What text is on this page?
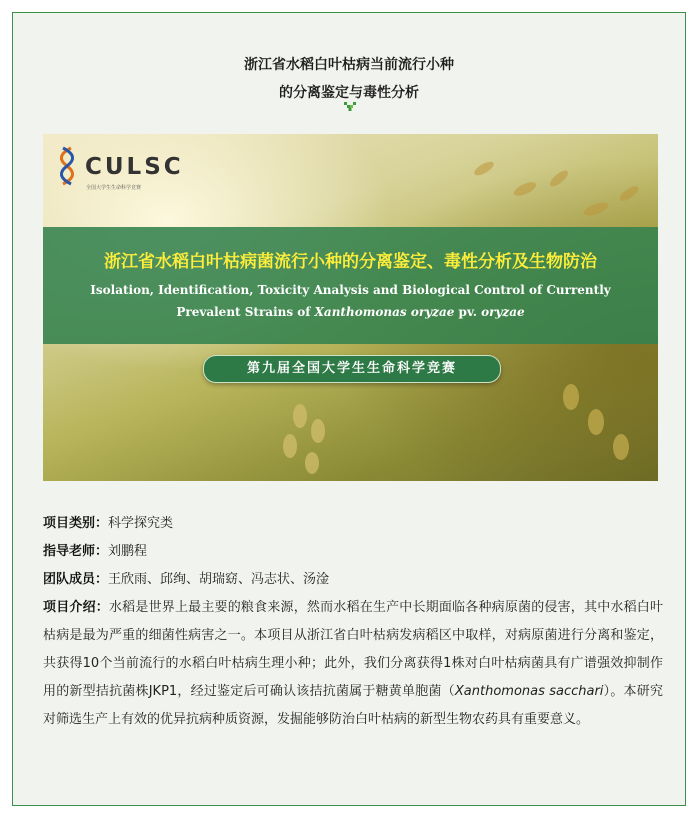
浙江省水稻白叶枯病当前流行小种
的分离鉴定与毒性分析
CULSC
全国大学生生命科学竞赛
浙江省水稻白叶枯病菌流行小种的分离鉴定、毒性分析及生物防治
Isolation, Identification, Toxicity Analysis and Biological Control of Currently
Prevalent Strains of Xanthomonas oryzae pv. oryzae
第九届全国大学生生命科学竞赛
项目类别：科学探究类
指导老师：刘鹏程
团队成员：王欣雨、邱绚、胡瑞窈、冯志状、汤淦
项目介绍：水稻是世界上最主要的粮食来源，然而水稻在生产中长期面临各种病原菌的侵害，其中水稻白叶枯病是最为严重的细菌性病害之一。本项目从浙江省白叶枯病发病稻区中取样，对病原菌进行分离和鉴定，共获得10个当前流行的水稻白叶枯病生理小种；此外，我们分离获得1株对白叶枯病菌具有广谱强效抑制作用的新型拮抗菌株JKP1，经过鉴定后可确认该拮抗菌属于糖黄单胞菌（Xanthomonas sacchari）。本研究对筛选生产上有效的优异抗病种质资源，发掘能够防治白叶枯病的新型生物农药具有重要意义。
